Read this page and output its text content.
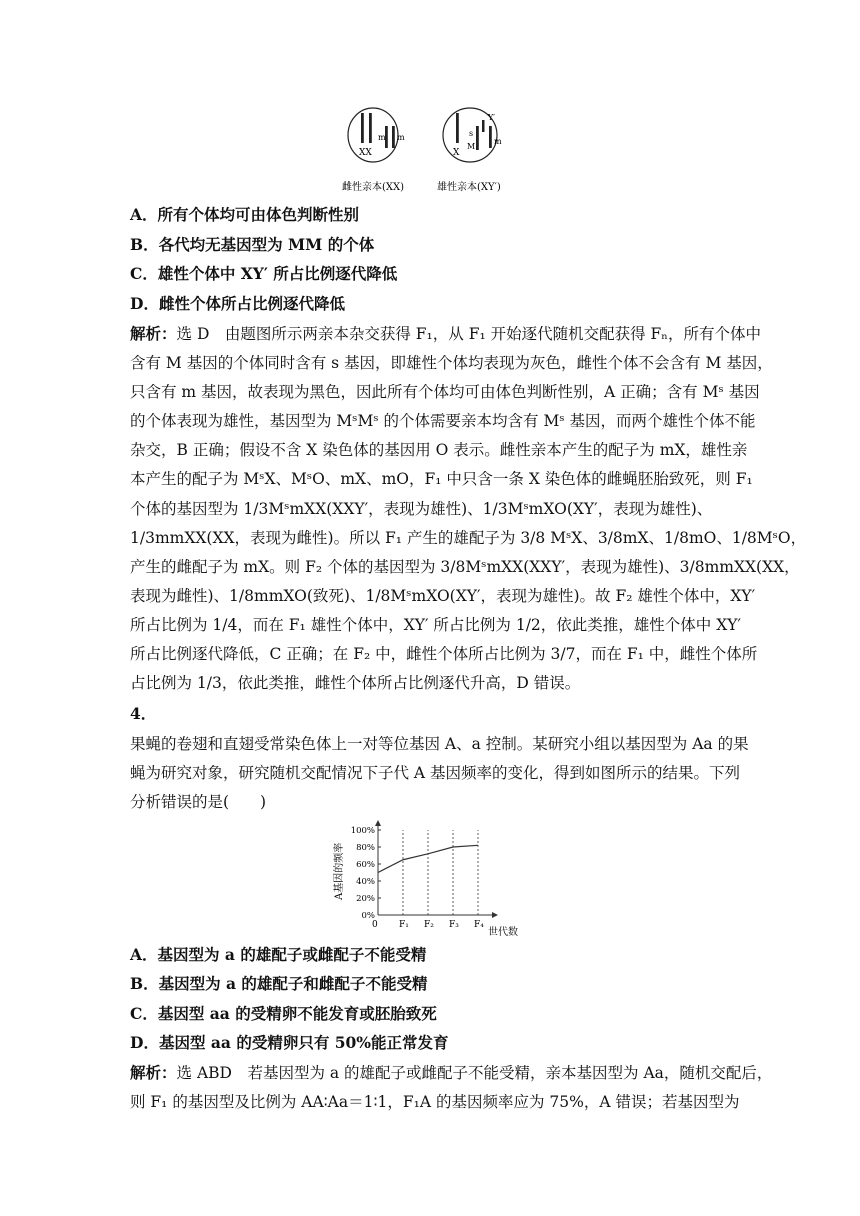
XX
m m
雌性亲本(XX)
X
s
M
Y′
m
雄性亲本(XY′)
A．所有个体均可由体色判断性别
B．各代均无基因型为 MM 的个体
C．雄性个体中 XY′ 所占比例逐代降低
D．雌性个体所占比例逐代降低
解析：选 D　由题图所示两亲本杂交获得 F₁，从 F₁ 开始逐代随机交配获得 Fₙ，所有个体中
含有 M 基因的个体同时含有 s 基因，即雄性个体均表现为灰色，雌性个体不会含有 M 基因，
只含有 m 基因，故表现为黑色，因此所有个体均可由体色判断性别，A 正确；含有 Mˢ 基因
的个体表现为雄性，基因型为 MˢMˢ 的个体需要亲本均含有 Mˢ 基因，而两个雄性个体不能
杂交，B 正确；假设不含 X 染色体的基因用 O 表示。雌性亲本产生的配子为 mX，雄性亲
本产生的配子为 MˢX、MˢO、mX、mO，F₁ 中只含一条 X 染色体的雌蝇胚胎致死，则 F₁
个体的基因型为 1/3MˢmXX(XXY′，表现为雄性)、1/3MˢmXO(XY′，表现为雄性)、
1/3mmXX(XX，表现为雌性)。所以 F₁ 产生的雄配子为 3/8 MˢX、3/8mX、1/8mO、1/8MˢO，
产生的雌配子为 mX。则 F₂ 个体的基因型为 3/8MˢmXX(XXY′，表现为雄性)、3/8mmXX(XX，
表现为雌性)、1/8mmXO(致死)、1/8MˢmXO(XY′，表现为雄性)。故 F₂ 雄性个体中，XY′
所占比例为 1/4，而在 F₁ 雄性个体中，XY′ 所占比例为 1/2，依此类推，雄性个体中 XY′
所占比例逐代降低，C 正确；在 F₂ 中，雌性个体所占比例为 3/7，而在 F₁ 中，雌性个体所
占比例为 1/3，依此类推，雌性个体所占比例逐代升高，D 错误。
4．
果蝇的卷翅和直翅受常染色体上一对等位基因 A、a 控制。某研究小组以基因型为 Aa 的果
蝇为研究对象，研究随机交配情况下子代 A 基因频率的变化，得到如图所示的结果。下列
分析错误的是(　　)
A基因的频率
0%
20%
40%
60%
80%
100%
0 F₁ F₂ F₃ F₄
世代数
A．基因型为 a 的雄配子或雌配子不能受精
B．基因型为 a 的雄配子和雌配子不能受精
C．基因型 aa 的受精卵不能发育或胚胎致死
D．基因型 aa 的受精卵只有 50%能正常发育
解析：选 ABD　若基因型为 a 的雄配子或雌配子不能受精，亲本基因型为 Aa，随机交配后，
则 F₁ 的基因型及比例为 AA∶Aa＝1∶1，F₁A 的基因频率应为 75%，A 错误；若基因型为
